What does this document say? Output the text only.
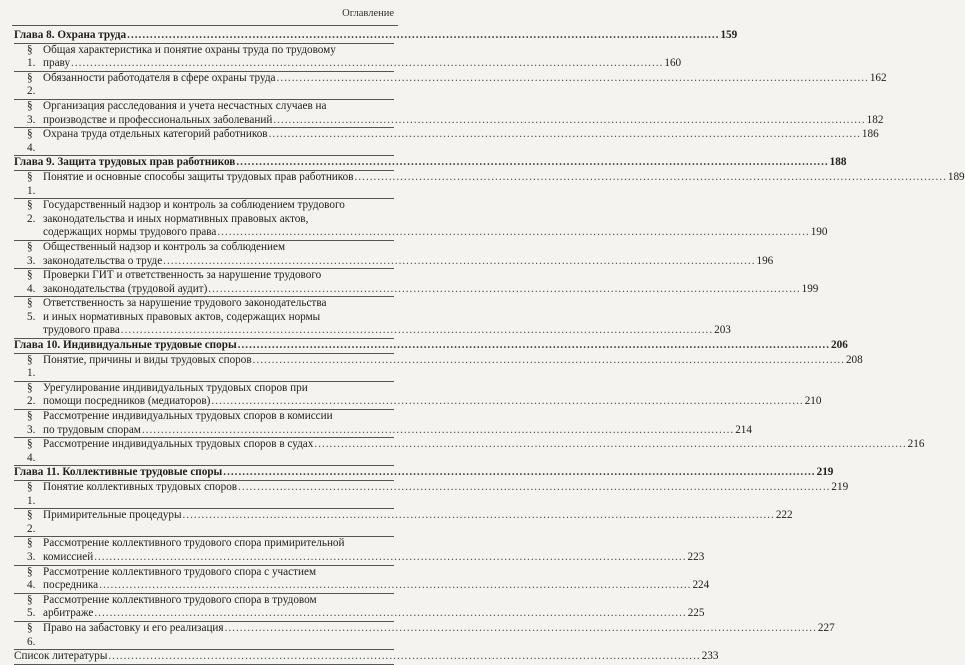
Оглавление
Глава 8. Охрана труда .....	159
§ 1.
Общая характеристика и понятие охраны труда по трудовому
праву .....	160
§ 2.
Обязанности работодателя в сфере охраны труда .....	162
§ 3.
Организация расследования и учета несчастных случаев на
производстве и профессиональных заболеваний .....	182
§ 4.
Охрана труда отдельных категорий работников .....	186
Глава 9. Защита трудовых прав работников .....	188
§ 1.
Понятие и основные способы защиты трудовых прав работников .....	189
§ 2.
Государственный надзор и контроль за соблюдением трудового
законодательства и иных нормативных правовых актов,
содержащих нормы трудового права .....	190
§ 3.
Общественный надзор и контроль за соблюдением
законодательства о труде .....	196
§ 4.
Проверки ГИТ и ответственность за нарушение трудового
законодательства (трудовой аудит) .....	199
§ 5.
Ответственность за нарушение трудового законодательства
и иных нормативных правовых актов, содержащих нормы
трудового права .....	203
Глава 10. Индивидуальные трудовые споры .....	206
§ 1.
Понятие, причины и виды трудовых споров .....	208
§ 2.
Урегулирование индивидуальных трудовых споров при
помощи посредников (медиаторов) .....	210
§ 3.
Рассмотрение индивидуальных трудовых споров в комиссии
по трудовым спорам .....	214
§ 4.
Рассмотрение индивидуальных трудовых споров в судах .....	216
Глава 11. Коллективные трудовые споры .....	219
§ 1.
Понятие коллективных трудовых споров .....	219
§ 2.
Примирительные процедуры .....	222
§ 3.
Рассмотрение коллективного трудового спора примирительной
комиссией .....	223
§ 4.
Рассмотрение коллективного трудового спора с участием
посредника .....	224
§ 5.
Рассмотрение коллективного трудового спора в трудовом
арбитраже .....	225
§ 6.
Право на забастовку и его реализация .....	227
Список литературы .....	233
